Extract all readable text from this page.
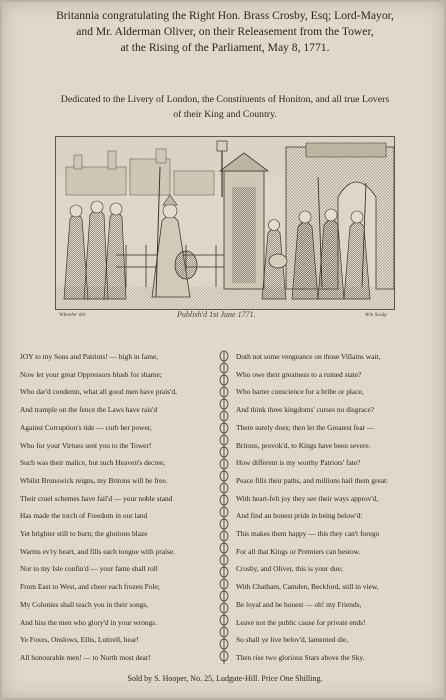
Britannia congratulating the Right Hon. Brass Crosby, Esq; Lord-Mayor,
and Mr. Alderman Oliver, on their Releasement from the Tower,
at the Rising of the Parliament, May 8, 1771.
Dedicated to the Livery of London, the Constituents of Honiton, and all true Lovers
of their King and Country.
Wheeler del	Publish'd 1st June 1771.	Wm Sculp
JOY to my Sons and Patriots! — high in fame,
Now let your great Oppressors blush for shame;
Who dar'd condemn, what all good men have prais'd,
And trample on the fence the Laws have rais'd
Against Corruption's tide — curb her power,
Who for your Virtues sent you to the Tower!
Such was their malice, but such Heaven's decree,
Whilst Brunswick reigns, my Britons will be free.
Their cruel schemes have fail'd — your noble stand
Has made the torch of Freedom in our land
Yet brighter still to burn; the glorious blaze
Warms ev'ry heart, and fills each tongue with praise.
Nor to my Isle confin'd — your fame shall roll
From East to West, and cheer each frozen Pole;
My Colonies shall teach you in their songs,
And hiss the men who glory'd in your wrongs.
Ye Foxes, Onslows, Ellis, Luttrell, hear!
All honourable men! — to North most dear!
Doth not some vengeance on those Villains wait,
Who owe their greatness to a ruined state?
Who barter conscience for a bribe or place,
And think three kingdoms' curses no disgrace?
There surely does; then let the Greatest fear —
Britons, provok'd, to Kings have been severe.
How different is my worthy Patriots' fate?
Peace fills their paths, and millions hail them great:
With heart-felt joy they see their ways approv'd,
And find an honest pride in being below'd:
This makes them happy — this they can't forego
For all that Kings or Premiers can bestow.
Crosby, and Oliver, this is your due;
With Chatham, Camden, Beckford, still in view,
Be loyal and be honest — oh! my Friends,
Leave not the public cause for private ends!
So shall ye live belov'd, lamented die,
Then rise two glorious Stars above the Sky.
Sold by S. Hooper, No. 25, Ludgate-Hill. Price One Shilling.
